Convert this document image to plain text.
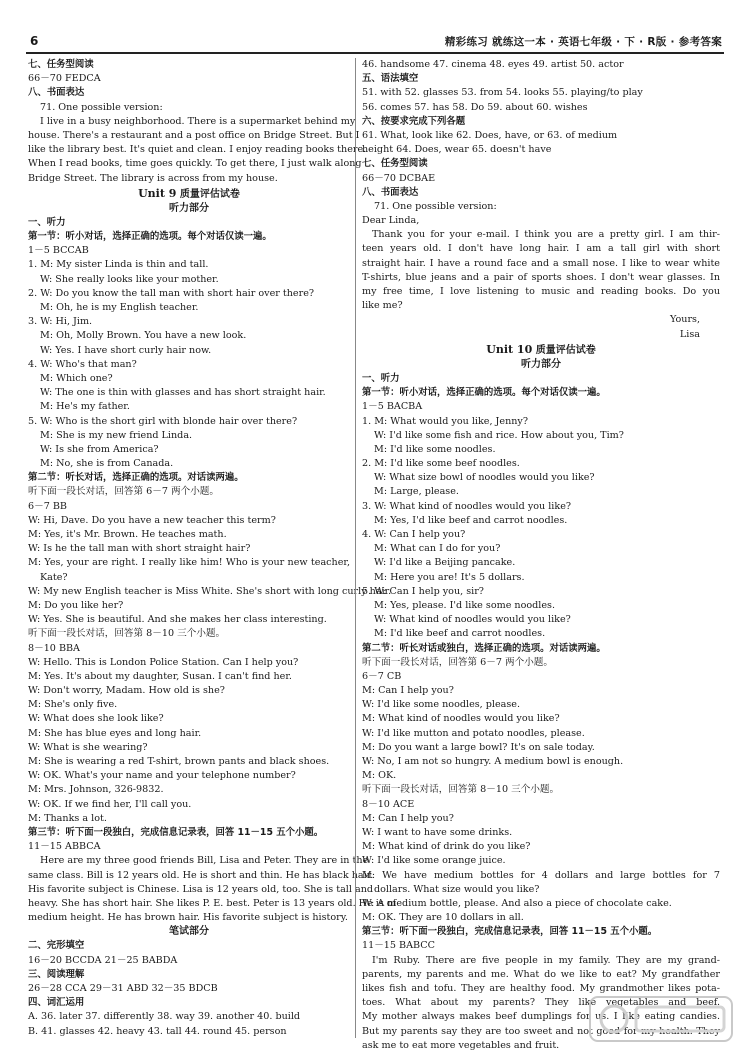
6	精彩练习 就练这一本 · 英语七年级 · 下 · R版 · 参考答案
七、任务型阅读
66－70 FEDCA
八、书面表达
71. One possible version:
I live in a busy neighborhood. There is a supermarket behind my
house. There's a restaurant and a post office on Bridge Street. But I
like the library best. It's quiet and clean. I enjoy reading books there.
When I read books, time goes quickly. To get there, I just walk along
Bridge Street. The library is across from my house.
Unit 9 质量评估试卷
听力部分
一、听力
第一节：听小对话，选择正确的选项。每个对话仅读一遍。
1－5 BCCAB
1. M: My sister Linda is thin and tall.
W: She really looks like your mother.
2. W: Do you know the tall man with short hair over there?
M: Oh, he is my English teacher.
3. W: Hi, Jim.
M: Oh, Molly Brown. You have a new look.
W: Yes. I have short curly hair now.
4. W: Who's that man?
M: Which one?
W: The one is thin with glasses and has short straight hair.
M: He's my father.
5. W: Who is the short girl with blonde hair over there?
M: She is my new friend Linda.
W: Is she from America?
M: No, she is from Canada.
第二节：听长对话，选择正确的选项。对话读两遍。
听下面一段长对话，回答第 6－7 两个小题。
6－7 BB
W: Hi, Dave. Do you have a new teacher this term?
M: Yes, it's Mr. Brown. He teaches math.
W: Is he the tall man with short straight hair?
M: Yes, your are right. I really like him! Who is your new teacher,
Kate?
W: My new English teacher is Miss White. She's short with long curly hair.
M: Do you like her?
W: Yes. She is beautiful. And she makes her class interesting.
听下面一段长对话，回答第 8－10 三个小题。
8－10 BBA
W: Hello. This is London Police Station. Can I help you?
M: Yes. It's about my daughter, Susan. I can't find her.
W: Don't worry, Madam. How old is she?
M: She's only five.
W: What does she look like?
M: She has blue eyes and long hair.
W: What is she wearing?
M: She is wearing a red T-shirt, brown pants and black shoes.
W: OK. What's your name and your telephone number?
M: Mrs. Johnson, 326-9832.
W: OK. If we find her, I'll call you.
M: Thanks a lot.
第三节：听下面一段独白，完成信息记录表，回答 11－15 五个小题。
11－15 ABBCA
Here are my three good friends Bill, Lisa and Peter. They are in the
same class. Bill is 12 years old. He is short and thin. He has black hair.
His favorite subject is Chinese. Lisa is 12 years old, too. She is tall and
heavy. She has short hair. She likes P. E. best. Peter is 13 years old. He is of
medium height. He has brown hair. His favorite subject is history.
笔试部分
二、完形填空
16－20 BCCDA 21－25 BABDA
三、阅读理解
26－28 CCA 29－31 ABD 32－35 BDCB
四、词汇运用
A. 36. later 37. differently 38. way 39. another 40. build
B. 41. glasses 42. heavy 43. tall 44. round 45. person
46. handsome 47. cinema 48. eyes 49. artist 50. actor
五、语法填空
51. with 52. glasses 53. from 54. looks 55. playing/to play
56. comes 57. has 58. Do 59. about 60. wishes
六、按要求完成下列各题
61. What, look like 62. Does, have, or 63. of medium
height 64. Does, wear 65. doesn't have
七、任务型阅读
66－70 DCBAE
八、书面表达
71. One possible version:
Dear Linda,
Thank you for your e-mail. I think you are a pretty girl. I am thir-
teen years old. I don't have long hair. I am a tall girl with short
straight hair. I have a round face and a small nose. I like to wear white
T-shirts, blue jeans and a pair of sports shoes. I don't wear glasses. In
my free time, I love listening to music and reading books. Do you
like me?
Yours,
Lisa
Unit 10 质量评估试卷
听力部分
一、听力
第一节：听小对话，选择正确的选项。每个对话仅读一遍。
1－5 BACBA
1. M: What would you like, Jenny?
W: I'd like some fish and rice. How about you, Tim?
M: I'd like some noodles.
2. M: I'd like some beef noodles.
W: What size bowl of noodles would you like?
M: Large, please.
3. W: What kind of noodles would you like?
M: Yes, I'd like beef and carrot noodles.
4. W: Can I help you?
M: What can I do for you?
W: I'd like a Beijing pancake.
M: Here you are! It's 5 dollars.
5. W: Can I help you, sir?
M: Yes, please. I'd like some noodles.
W: What kind of noodles would you like?
M: I'd like beef and carrot noodles.
第二节：听长对话或独白，选择正确的选项。对话读两遍。
听下面一段长对话，回答第 6－7 两个小题。
6－7 CB
M: Can I help you?
W: I'd like some noodles, please.
M: What kind of noodles would you like?
W: I'd like mutton and potato noodles, please.
M: Do you want a large bowl? It's on sale today.
W: No, I am not so hungry. A medium bowl is enough.
M: OK.
听下面一段长对话，回答第 8－10 三个小题。
8－10 ACE
M: Can I help you?
W: I want to have some drinks.
M: What kind of drink do you like?
W: I'd like some orange juice.
M: We have medium bottles for 4 dollars and large bottles for 7
dollars. What size would you like?
W: A medium bottle, please. And also a piece of chocolate cake.
M: OK. They are 10 dollars in all.
第三节：听下面一段独白，完成信息记录表，回答 11－15 五个小题。
11－15 BABCC
I'm Ruby. There are five people in my family. They are my grand-
parents, my parents and me. What do we like to eat? My grandfather
likes fish and tofu. They are healthy food. My grandmother likes pota-
toes. What about my parents? They like vegetables and beef.
My mother always makes beef dumplings for us. I like eating candies.
But my parents say they are too sweet and not good for my health. They
ask me to eat more vegetables and fruit.
